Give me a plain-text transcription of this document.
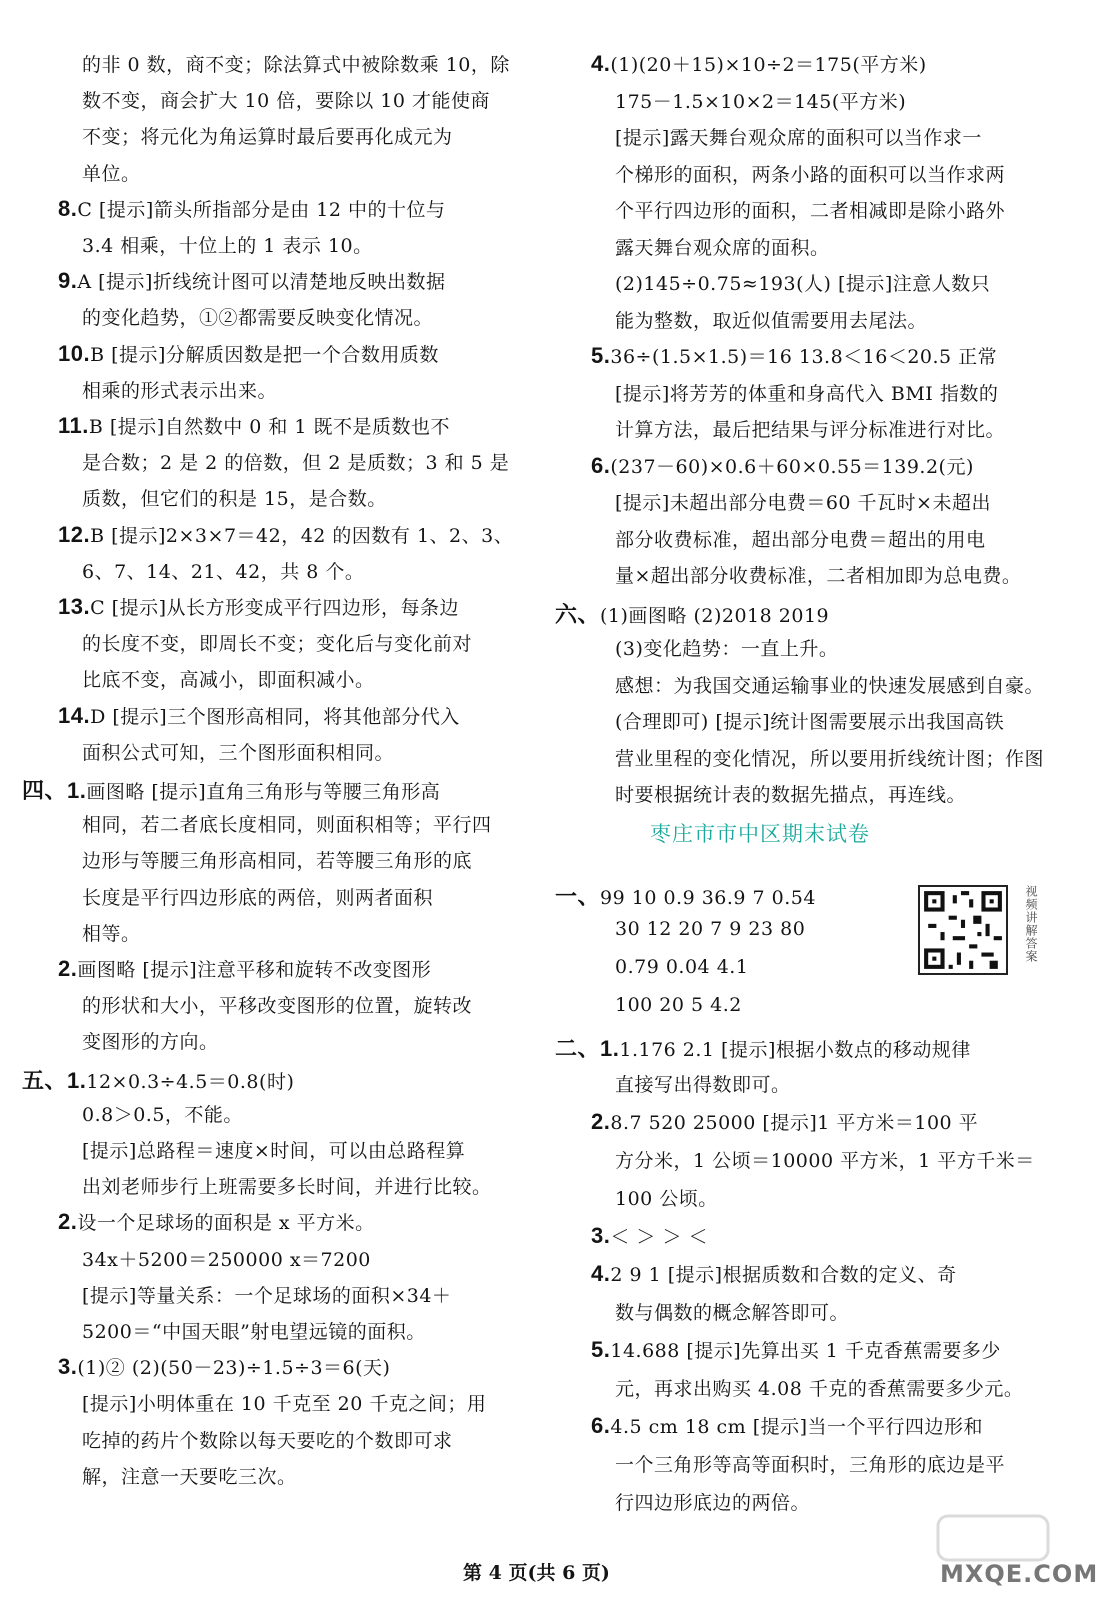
的非 0 数，商不变；除法算式中被除数乘 10，除
数不变，商会扩大 10 倍，要除以 10 才能使商
不变；将元化为角运算时最后要再化成元为
单位。
8.C [提示]箭头所指部分是由 12 中的十位与
3.4 相乘，十位上的 1 表示 10。
9.A [提示]折线统计图可以清楚地反映出数据
的变化趋势，①②都需要反映变化情况。
10.B [提示]分解质因数是把一个合数用质数
相乘的形式表示出来。
11.B [提示]自然数中 0 和 1 既不是质数也不
是合数；2 是 2 的倍数，但 2 是质数；3 和 5 是
质数，但它们的积是 15，是合数。
12.B [提示]2×3×7＝42，42 的因数有 1、2、3、
6、7、14、21、42，共 8 个。
13.C [提示]从长方形变成平行四边形，每条边
的长度不变，即周长不变；变化后与变化前对
比底不变，高减小，即面积减小。
14.D [提示]三个图形高相同，将其他部分代入
面积公式可知，三个图形面积相同。
四、1.画图略 [提示]直角三角形与等腰三角形高
相同，若二者底长度相同，则面积相等；平行四
边形与等腰三角形高相同，若等腰三角形的底
长度是平行四边形底的两倍，则两者面积
相等。
2.画图略 [提示]注意平移和旋转不改变图形
的形状和大小，平移改变图形的位置，旋转改
变图形的方向。
五、1.12×0.3÷4.5＝0.8(时)
0.8＞0.5，不能。
[提示]总路程＝速度×时间，可以由总路程算
出刘老师步行上班需要多长时间，并进行比较。
2.设一个足球场的面积是 x 平方米。
34x＋5200＝250000 x＝7200
[提示]等量关系：一个足球场的面积×34＋
5200＝“中国天眼”射电望远镜的面积。
3.(1)② (2)(50－23)÷1.5÷3＝6(天)
[提示]小明体重在 10 千克至 20 千克之间；用
吃掉的药片个数除以每天要吃的个数即可求
解，注意一天要吃三次。
4.(1)(20＋15)×10÷2＝175(平方米)
175－1.5×10×2＝145(平方米)
[提示]露天舞台观众席的面积可以当作求一
个梯形的面积，两条小路的面积可以当作求两
个平行四边形的面积，二者相减即是除小路外
露天舞台观众席的面积。
(2)145÷0.75≈193(人) [提示]注意人数只
能为整数，取近似值需要用去尾法。
5.36÷(1.5×1.5)＝16 13.8＜16＜20.5 正常
[提示]将芳芳的体重和身高代入 BMI 指数的
计算方法，最后把结果与评分标准进行对比。
6.(237－60)×0.6＋60×0.55＝139.2(元)
[提示]未超出部分电费＝60 千瓦时×未超出
部分收费标准，超出部分电费＝超出的用电
量×超出部分收费标准，二者相加即为总电费。
六、(1)画图略 (2)2018 2019
(3)变化趋势：一直上升。
感想：为我国交通运输事业的快速发展感到自豪。
(合理即可) [提示]统计图需要展示出我国高铁
营业里程的变化情况，所以要用折线统计图；作图
时要根据统计表的数据先描点，再连线。
一、99 10 0.9 36.9 7 0.54
30 12 20 7 9 23 80
0.79 0.04 4.1
100 20 5 4.2
二、1.1.176 2.1 [提示]根据小数点的移动规律
直接写出得数即可。
2.8.7 520 25000 [提示]1 平方米＝100 平
方分米，1 公顷＝10000 平方米，1 平方千米＝
100 公顷。
3.＜ ＞ ＞ ＜
4.2 9 1 [提示]根据质数和合数的定义、奇
数与偶数的概念解答即可。
5.14.688 [提示]先算出买 1 千克香蕉需要多少
元，再求出购买 4.08 千克的香蕉需要多少元。
6.4.5 cm 18 cm [提示]当一个平行四边形和
一个三角形等高等面积时，三角形的底边是平
行四边形底边的两倍。
枣庄市市中区期末试卷
视频讲解答案
第 4 页(共 6 页)	MXQE.COM
